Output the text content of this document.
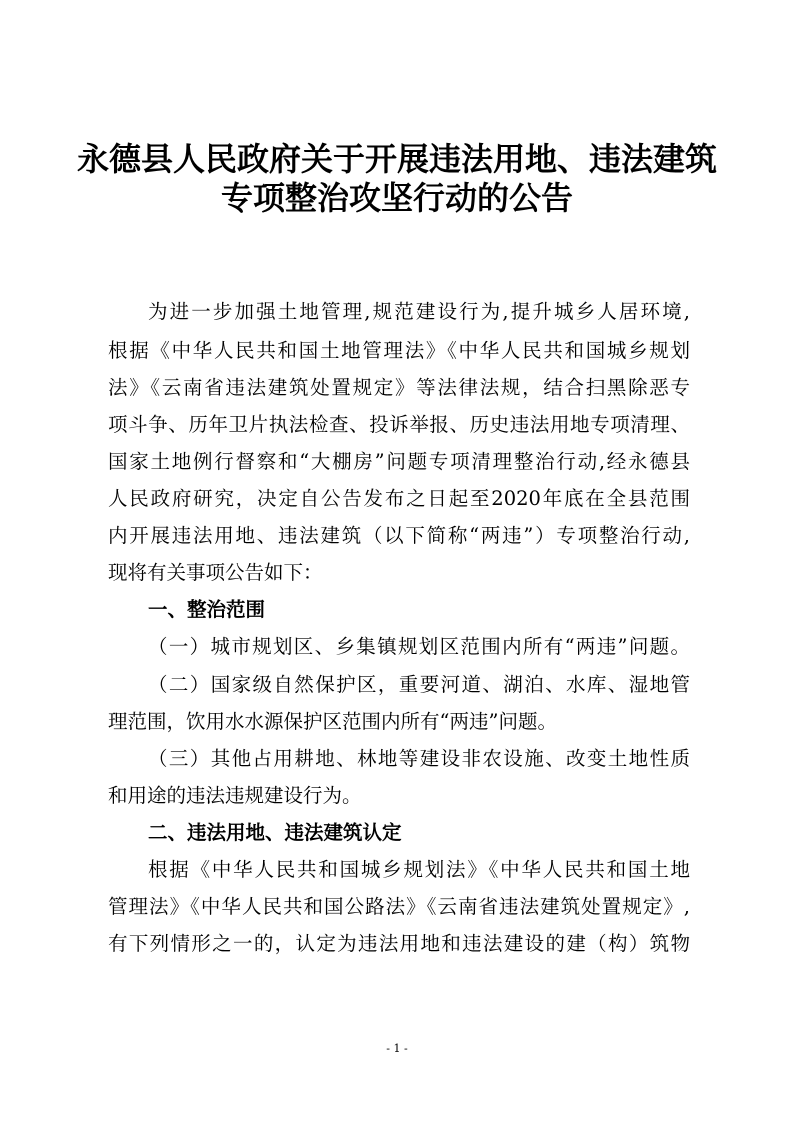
永德县人民政府关于开展违法用地、违法建筑
专项整治攻坚行动的公告

为进一步加强土地管理,规范建设行为,提升城乡人居环境,

根据《中华人民共和国土地管理法》《中华人民共和国城乡规划

法》《云南省违法建筑处置规定》等法律法规，结合扫黑除恶专

项斗争、历年卫片执法检查、投诉举报、历史违法用地专项清理、

国家土地例行督察和“大棚房”问题专项清理整治行动,经永德县

人民政府研究，决定自公告发布之日起至2020年底在全县范围

内开展违法用地、违法建筑（以下简称“两违”）专项整治行动,

现将有关事项公告如下：

一、整治范围

（一）城市规划区、乡集镇规划区范围内所有“两违”问题。

（二）国家级自然保护区，重要河道、湖泊、水库、湿地管

理范围，饮用水水源保护区范围内所有“两违”问题。

（三）其他占用耕地、林地等建设非农设施、改变土地性质

和用途的违法违规建设行为。

二、违法用地、违法建筑认定

根据《中华人民共和国城乡规划法》《中华人民共和国土地

管理法》《中华人民共和国公路法》《云南省违法建筑处置规定》,

有下列情形之一的，认定为违法用地和违法建设的建（构）筑物

- 1 -
